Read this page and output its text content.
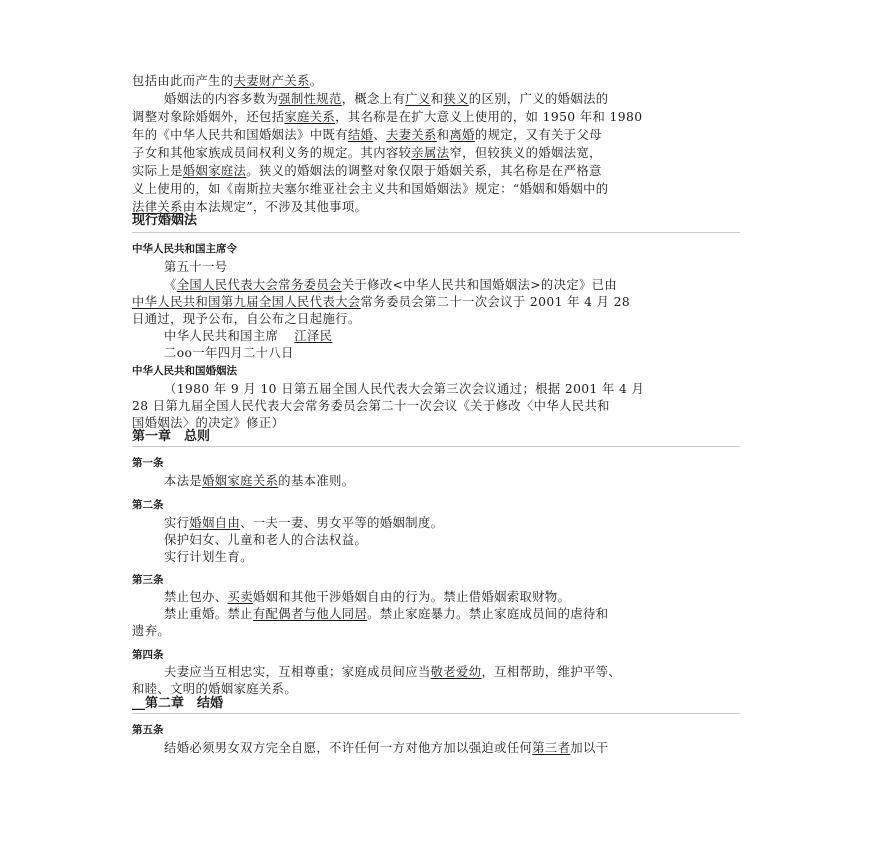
包括由此而产生的夫妻财产关系。
婚姻法的内容多数为强制性规范，概念上有广义和狭义的区别，广义的婚姻法的
调整对象除婚姻外，还包括家庭关系，其名称是在扩大意义上使用的，如 1950 年和 1980
年的《中华人民共和国婚姻法》中既有结婚、夫妻关系和离婚的规定，又有关于父母
子女和其他家族成员间权利义务的规定。其内容较亲属法窄，但较狭义的婚姻法宽，
实际上是婚姻家庭法。狭义的婚姻法的调整对象仅限于婚姻关系，其名称是在严格意
义上使用的，如《南斯拉夫塞尔维亚社会主义共和国婚姻法》规定：“婚姻和婚姻中的
法律关系由本法规定”，不涉及其他事项。
现行婚姻法
中华人民共和国主席令
第五十一号
《全国人民代表大会常务委员会关于修改<中华人民共和国婚姻法>的决定》已由
中华人民共和国第九届全国人民代表大会常务委员会第二十一次会议于 2001 年 4 月 28
日通过，现予公布，自公布之日起施行。
中华人民共和国主席 江泽民
二oo一年四月二十八日
中华人民共和国婚姻法
（1980 年 9 月 10 日第五届全国人民代表大会第三次会议通过；根据 2001 年 4 月
28 日第九届全国人民代表大会常务委员会第二十一次会议《关于修改〈中华人民共和
国婚姻法〉的决定》修正）
第一章　总则
第一条
本法是婚姻家庭关系的基本准则。
第二条
实行婚姻自由、一夫一妻、男女平等的婚姻制度。
保护妇女、儿童和老人的合法权益。
实行计划生育。
第三条
禁止包办、买卖婚姻和其他干涉婚姻自由的行为。禁止借婚姻索取财物。
禁止重婚。禁止有配偶者与他人同居。禁止家庭暴力。禁止家庭成员间的虐待和
遗弃。
第四条
夫妻应当互相忠实，互相尊重；家庭成员间应当敬老爱幼，互相帮助，维护平等、
和睦、文明的婚姻家庭关系。
__第二章　结婚
第五条
结婚必须男女双方完全自愿，不许任何一方对他方加以强迫或任何第三者加以干
